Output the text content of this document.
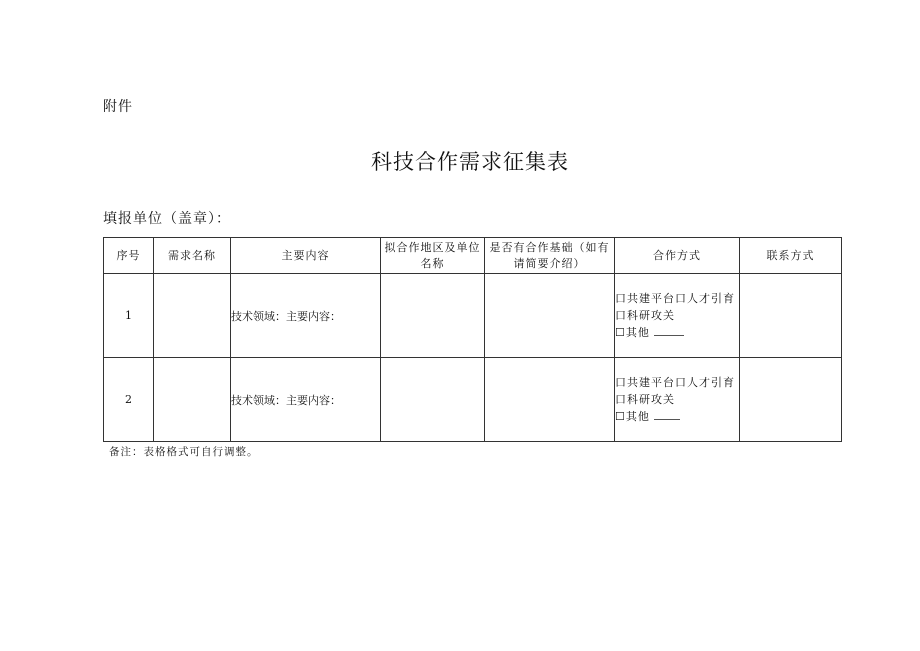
附件
科技合作需求征集表
填报单位（盖章）：
序号	需求名称	主要内容	拟合作地区及单位名称	是否有合作基础（如有请简要介绍）	合作方式	联系方式
1		技术领域：主要内容：			口共建平台口人才引育
口科研攻关
☐其他	

2		技术领域：主要内容：			口共建平台口人才引育
口科研攻关
☐其他	

备注：表格格式可自行调整。
